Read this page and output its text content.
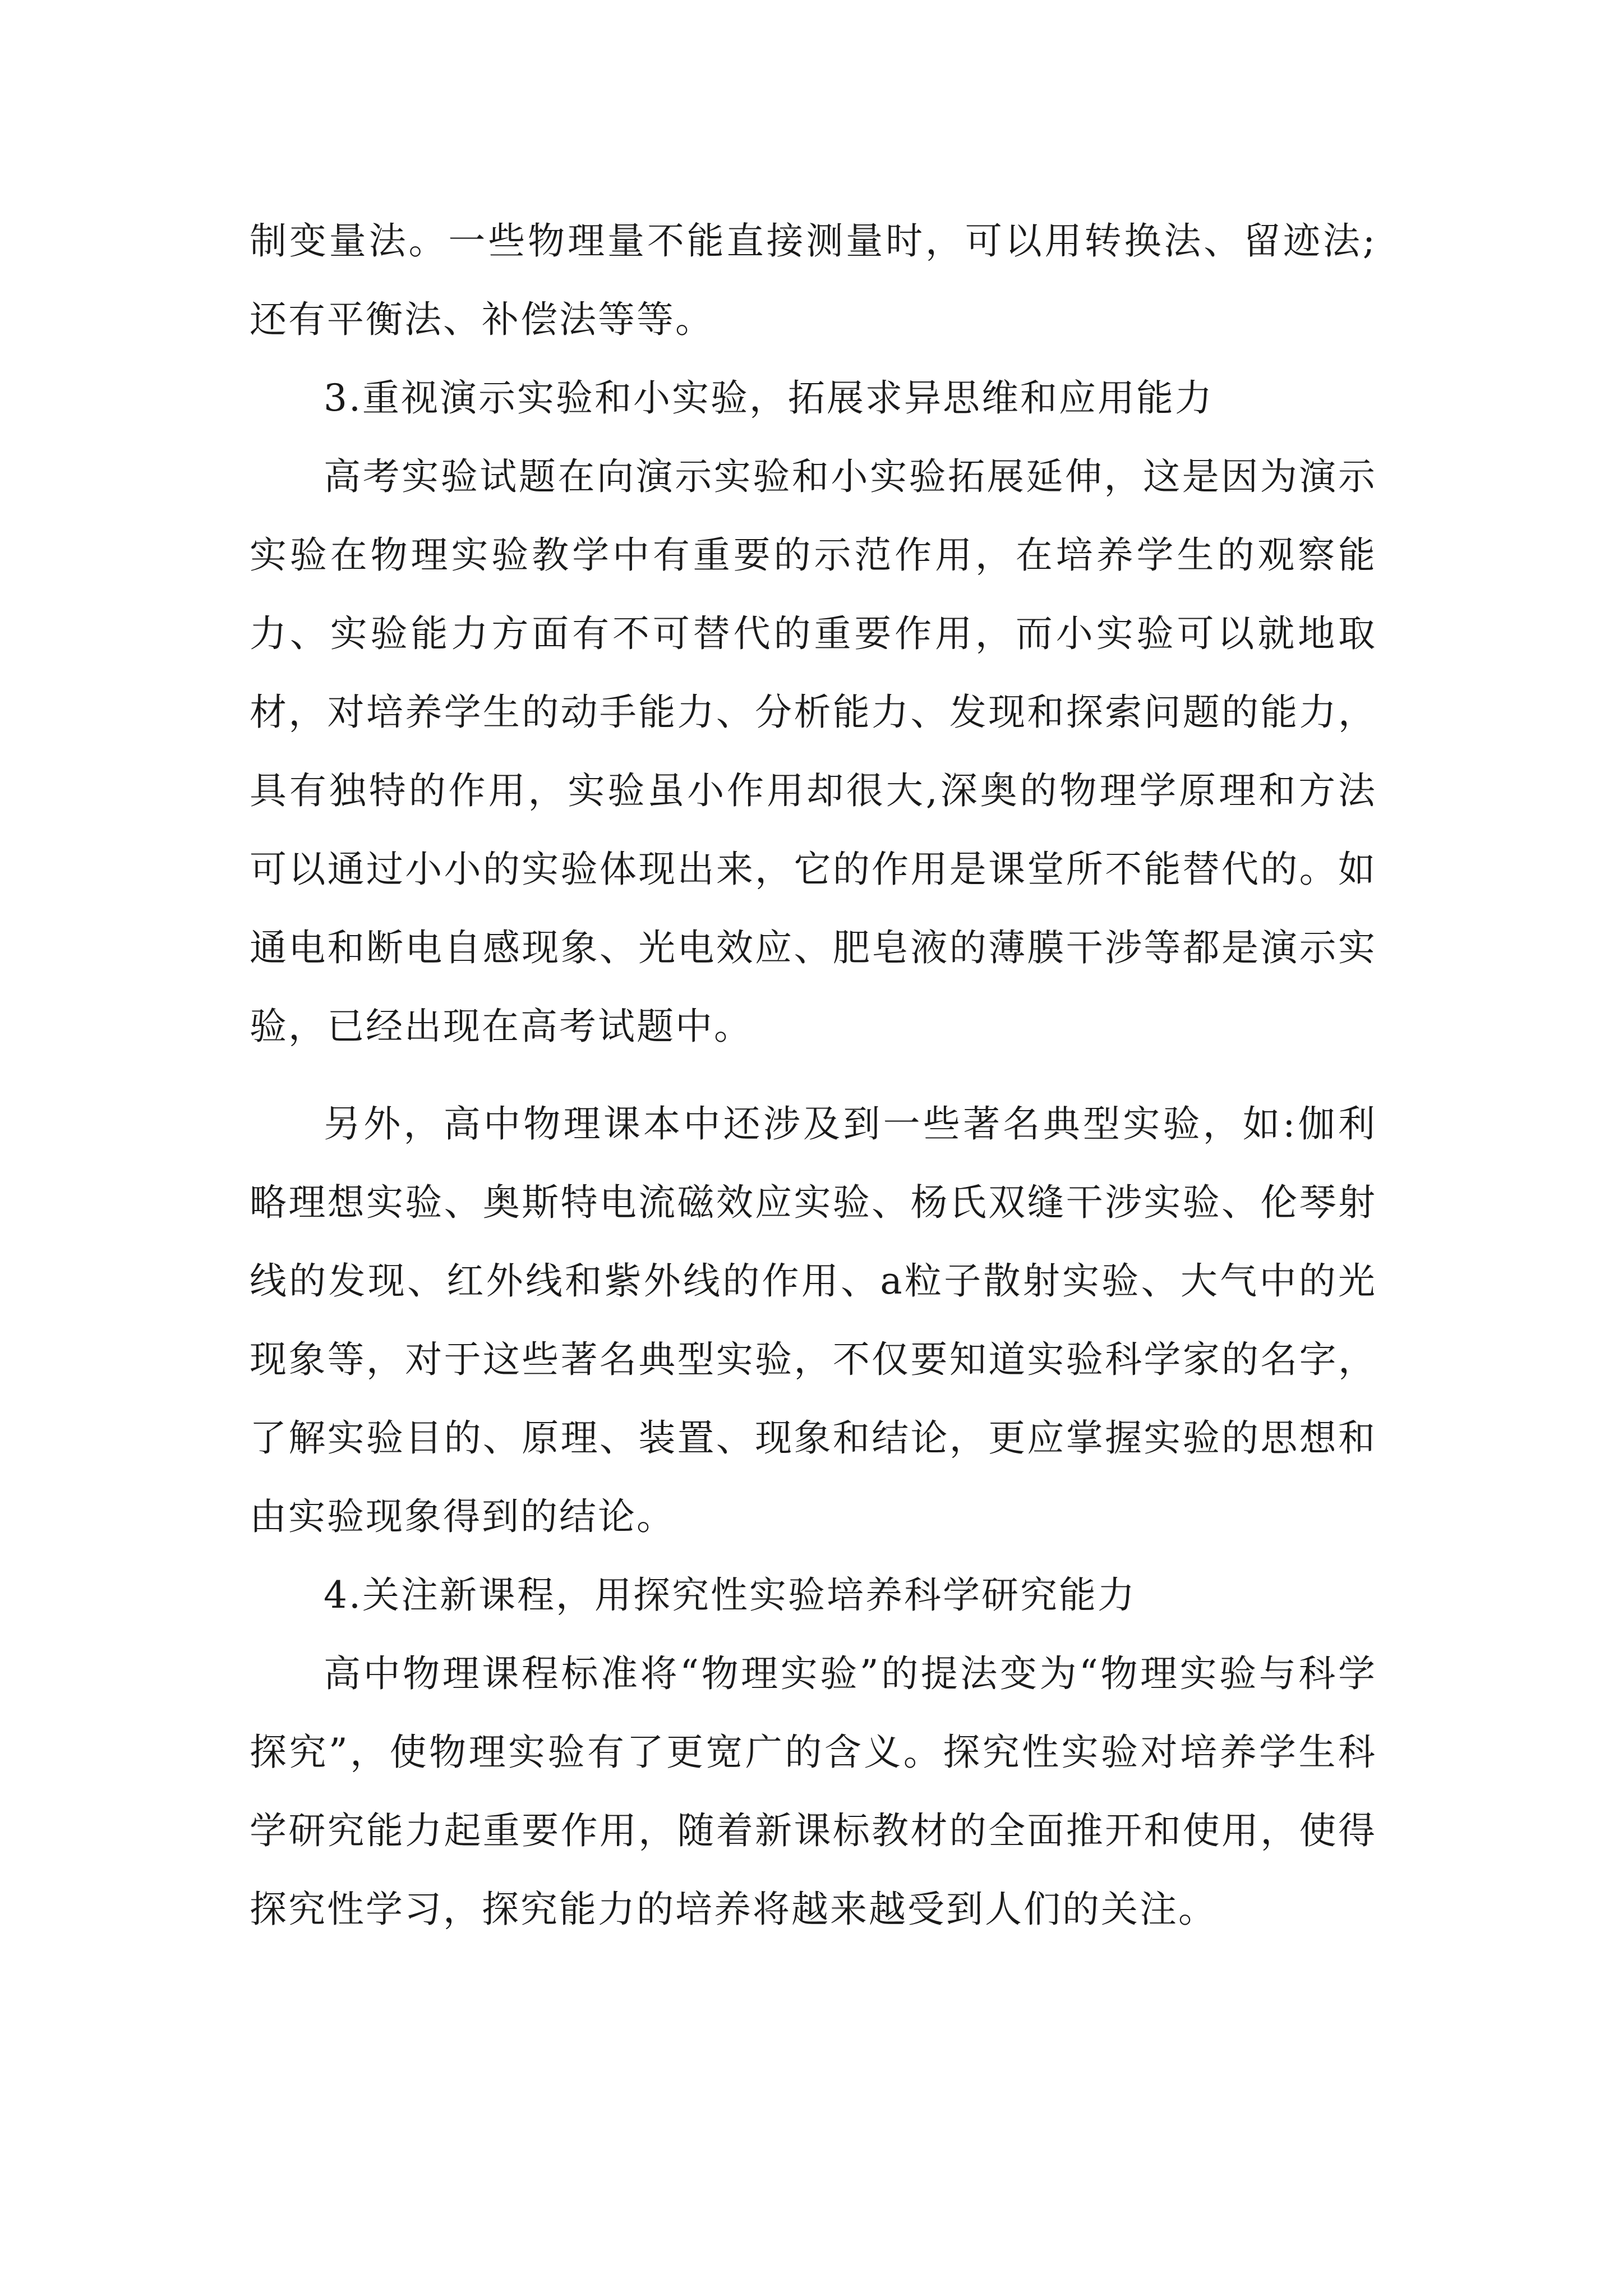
制变量法。一些物理量不能直接测量时，可以用转换法、留迹法;还有平衡法、补偿法等等。

3.重视演示实验和小实验，拓展求异思维和应用能力

高考实验试题在向演示实验和小实验拓展延伸，这是因为演示实验在物理实验教学中有重要的示范作用，在培养学生的观察能力、实验能力方面有不可替代的重要作用，而小实验可以就地取材，对培养学生的动手能力、分析能力、发现和探索问题的能力，具有独特的作用，实验虽小作用却很大,深奥的物理学原理和方法可以通过小小的实验体现出来，它的作用是课堂所不能替代的。如通电和断电自感现象、光电效应、肥皂液的薄膜干涉等都是演示实验，已经出现在高考试题中。

另外，高中物理课本中还涉及到一些著名典型实验，如:伽利略理想实验、奥斯特电流磁效应实验、杨氏双缝干涉实验、伦琴射线的发现、红外线和紫外线的作用、a粒子散射实验、大气中的光现象等，对于这些著名典型实验，不仅要知道实验科学家的名字，了解实验目的、原理、装置、现象和结论，更应掌握实验的思想和由实验现象得到的结论。

4.关注新课程，用探究性实验培养科学研究能力

高中物理课程标准将“物理实验”的提法变为“物理实验与科学探究”，使物理实验有了更宽广的含义。探究性实验对培养学生科学研究能力起重要作用，随着新课标教材的全面推开和使用，使得探究性学习，探究能力的培养将越来越受到人们的关注。
